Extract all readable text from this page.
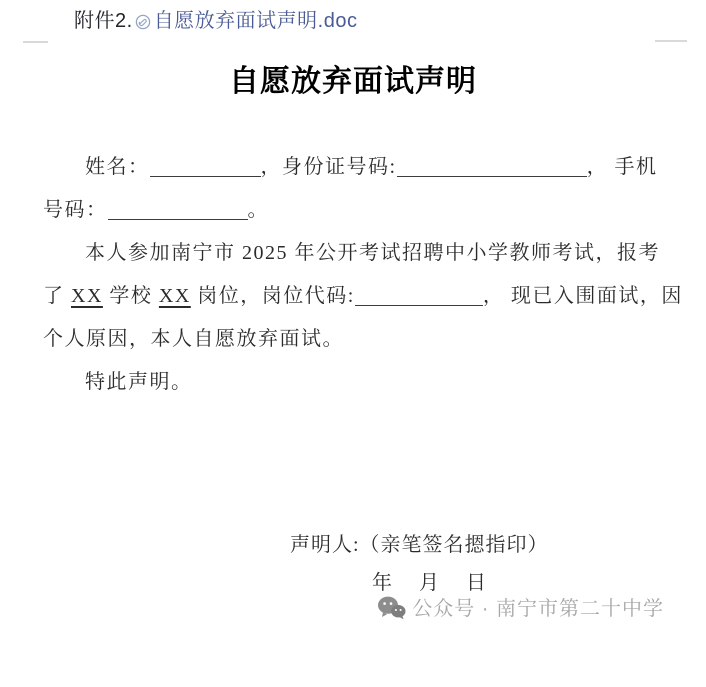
附件2. 自愿放弃面试声明.doc
自愿放弃面试声明
姓名：	，身份证号码:	， 手机
号码：	。
本人参加南宁市 2025 年公开考试招聘中小学教师考试，报考
了 XX 学校 XX 岗位，岗位代码:	， 现已入围面试，因
个人原因，本人自愿放弃面试。
特此声明。
声明人:（亲笔签名摁指印）
年 月 日
公众号 · 南宁市第二十中学
